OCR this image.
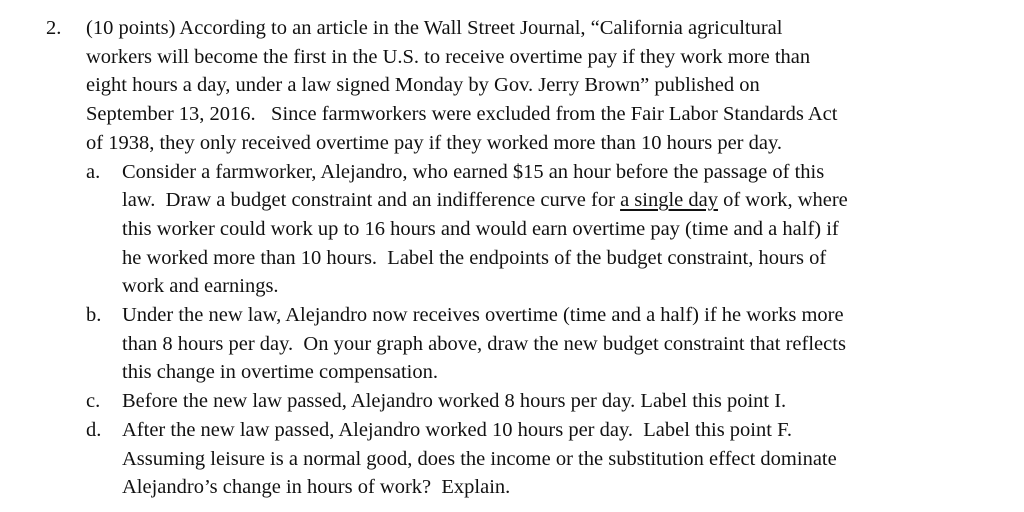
2.	(10 points) According to an article in the Wall Street Journal, “California agricultural
workers will become the first in the U.S. to receive overtime pay if they work more than
eight hours a day, under a law signed Monday by Gov. Jerry Brown” published on
September 13, 2016.   Since farmworkers were excluded from the Fair Labor Standards Act
of 1938, they only received overtime pay if they worked more than 10 hours per day.
a.	Consider a farmworker, Alejandro, who earned $15 an hour before the passage of this
law.  Draw a budget constraint and an indifference curve for a single day of work, where
this worker could work up to 16 hours and would earn overtime pay (time and a half) if
he worked more than 10 hours.  Label the endpoints of the budget constraint, hours of
work and earnings.
b.	Under the new law, Alejandro now receives overtime (time and a half) if he works more
than 8 hours per day.  On your graph above, draw the new budget constraint that reflects
this change in overtime compensation.
c.	Before the new law passed, Alejandro worked 8 hours per day. Label this point I.
d.	After the new law passed, Alejandro worked 10 hours per day.  Label this point F.
Assuming leisure is a normal good, does the income or the substitution effect dominate
Alejandro’s change in hours of work?  Explain.
